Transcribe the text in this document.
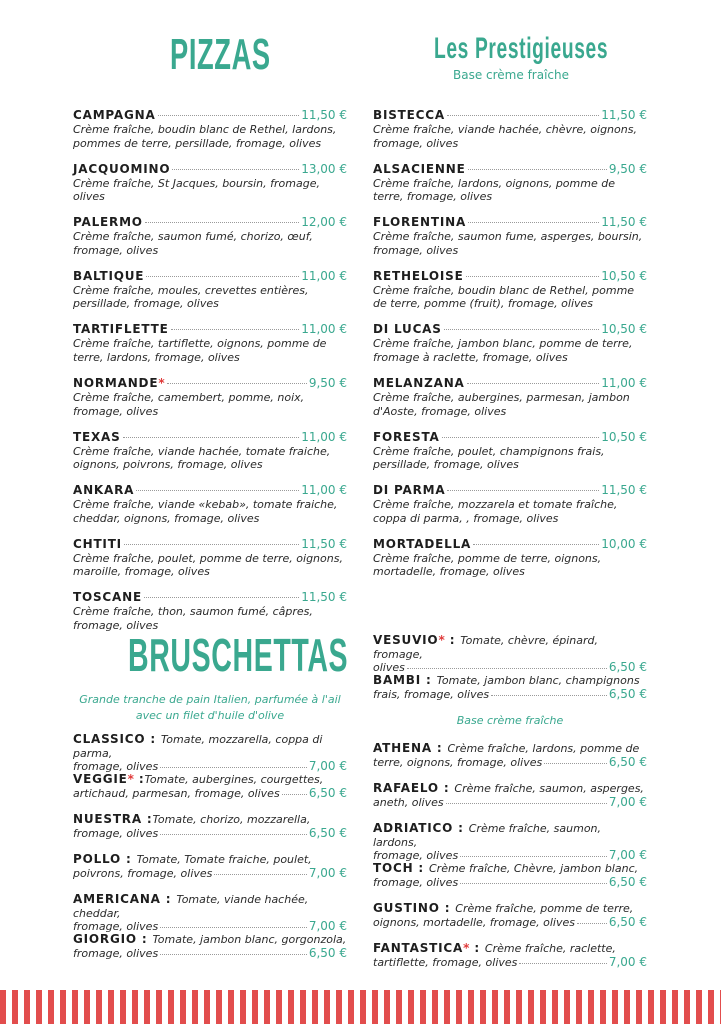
PIZZAS	Les Prestigieuses
Base crème fraîche
CAMPAGNA	11,50 €
Crème fraîche, boudin blanc de Rethel, lardons, pommes de terre, persillade, fromage, olives
JACQUOMINO	13,00 €
Crème fraîche, St Jacques, boursin, fromage, olives
PALERMO	12,00 €
Crème fraîche, saumon fumé, chorizo, œuf, fromage, olives
BALTIQUE	11,00 €
Crème fraîche, moules, crevettes entières, persillade, fromage, olives
TARTIFLETTE	11,00 €
Crème fraîche, tartiflette, oignons, pomme de terre, lardons, fromage, olives
NORMANDE *	9,50 €
Crème fraîche, camembert, pomme, noix, fromage, olives
TEXAS	11,00 €
Crème fraîche, viande hachée, tomate fraiche, oignons, poivrons, fromage, olives
ANKARA	11,00 €
Crème fraîche, viande «kebab», tomate fraiche, cheddar, oignons, fromage, olives
CHTITI	11,50 €
Crème fraîche, poulet, pomme de terre, oignons, maroille, fromage, olives
TOSCANE	11,50 €
Crème fraîche, thon, saumon fumé, câpres, fromage, olives
BISTECCA	11,50 €
Crème fraîche, viande hachée, chèvre, oignons, fromage, olives
ALSACIENNE	9,50 €
Crème fraîche, lardons, oignons, pomme de terre, fromage, olives
FLORENTINA	11,50 €
Crème fraîche, saumon fume, asperges, boursin, fromage, olives
RETHELOISE	10,50 €
Crème fraîche, boudin blanc de Rethel, pomme de terre, pomme (fruit), fromage, olives
DI LUCAS	10,50 €
Crème fraîche, jambon blanc, pomme de terre, fromage à raclette, fromage, olives
MELANZANA	11,00 €
Crème fraîche, aubergines, parmesan, jambon d'Aoste, fromage, olives
FORESTA	10,50 €
Crème fraîche, poulet, champignons frais, persillade, fromage, olives
DI PARMA	11,50 €
Crème fraîche, mozzarela et tomate fraîche, coppa di parma, , fromage, olives
MORTADELLA	10,00 €
Crème fraîche, pomme de terre, oignons, mortadelle, fromage, olives
BRUSCHETTAS
Grande tranche de pain Italien, parfumée à l'ail
avec un filet d'huile d'olive	Base crème fraîche
CLASSICO : Tomate, mozzarella, coppa di parma,
fromage, olives	7,00 €
VEGGIE* :Tomate, aubergines, courgettes,
artichaud, parmesan, fromage, olives 6,50 €
NUESTRA :Tomate, chorizo, mozzarella,
fromage, olives	6,50 €
POLLO : Tomate, Tomate fraiche, poulet,
poivrons, fromage, olives	7,00 €
AMERICANA : Tomate, viande hachée, cheddar,
fromage, olives	7,00 €
GIORGIO : Tomate, jambon blanc, gorgonzola,
fromage, olives	6,50 €
VESUVIO* : Tomate, chèvre, épinard, fromage,
olives	6,50 €
BAMBI : Tomate, jambon blanc, champignons
frais, fromage, olives	6,50 €
ATHENA : Crème fraîche, lardons, pomme de
terre, oignons, fromage, olives	6,50 €
RAFAELO : Crème fraîche, saumon, asperges,
aneth, olives	7,00 €
ADRIATICO : Crème fraîche, saumon, lardons,
fromage, olives	7,00 €
TOCH : Crème fraîche, Chèvre, jambon blanc,
fromage, olives	6,50 €
GUSTINO : Crème fraîche, pomme de terre,
oignons, mortadelle, fromage, olives	6,50 €
FANTASTICA* : Crème fraîche, raclette,
tartiflette, fromage, olives	7,00 €
